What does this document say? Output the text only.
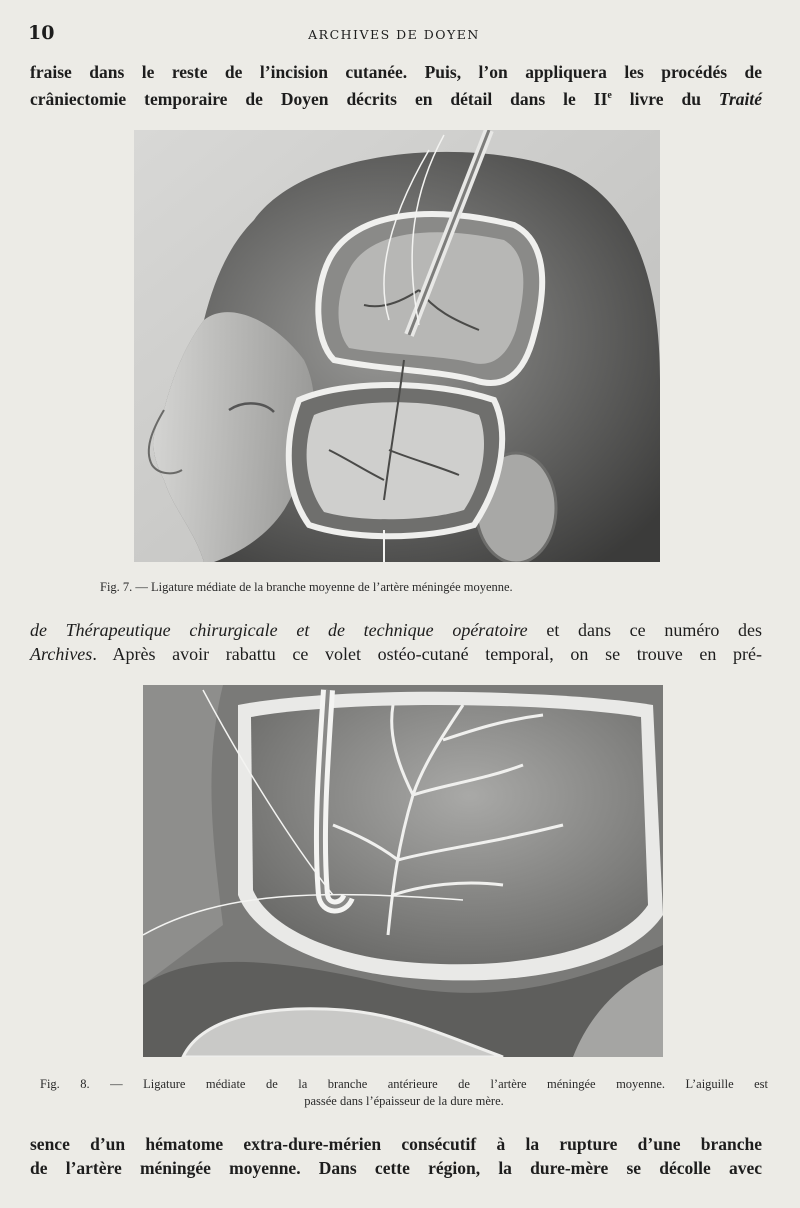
10	ARCHIVES DE DOYEN
fraise dans le reste de l’incision cutanée. Puis, l’on appliquera les procédés de
crâniectomie temporaire de Doyen décrits en détail dans le IIe livre du Traité
Fig. 7. — Ligature médiate de la branche moyenne de l’artère méningée moyenne.
de Thérapeutique chirurgicale et de technique opératoire et dans ce numéro des
Archives. Après avoir rabattu ce volet ostéo-cutané temporal, on se trouve en pré-
Fig. 8. — Ligature médiate de la branche antérieure de l’artère méningée moyenne. L’aiguille est
passée dans l’épaisseur de la dure mère.
sence d’un hématome extra-dure-mérien consécutif à la rupture d’une branche
de l’artère méningée moyenne. Dans cette région, la dure-mère se décolle avec
